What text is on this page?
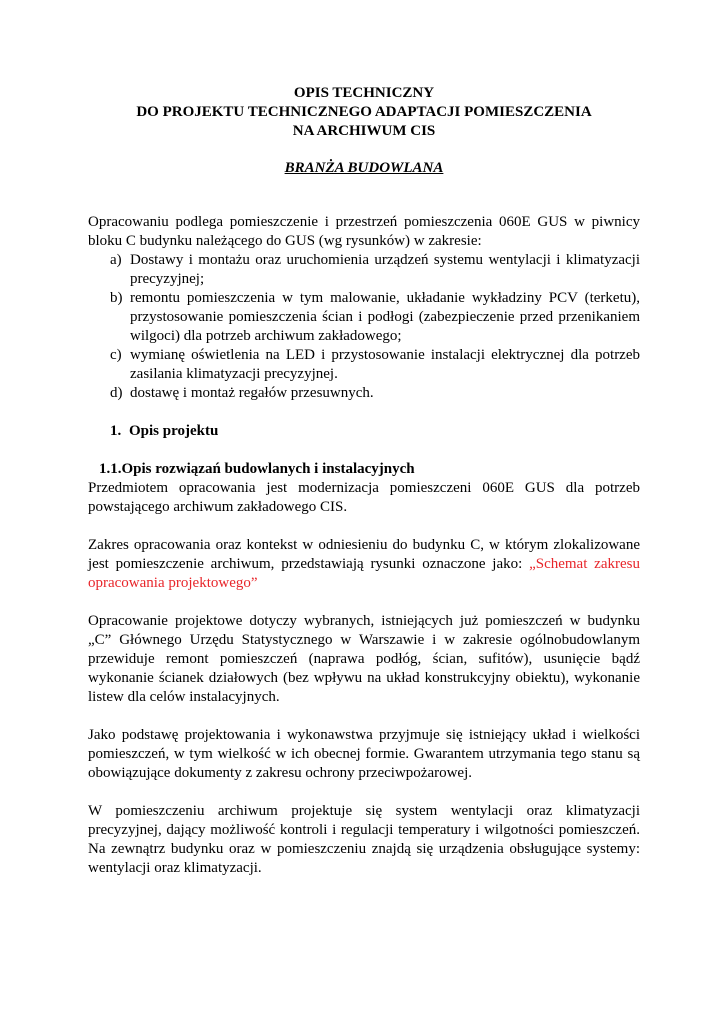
OPIS TECHNICZNY

DO PROJEKTU TECHNICZNEGO ADAPTACJI POMIESZCZENIA

NA ARCHIWUM CIS

BRANŻA BUDOWLANA

Opracowaniu podlega pomieszczenie i przestrzeń pomieszczenia 060E GUS w piwnicy bloku C budynku należącego do GUS (wg rysunków) w zakresie:

a) Dostawy i montażu oraz uruchomienia urządzeń systemu wentylacji i klimatyzacji precyzyjnej;
b) remontu pomieszczenia w tym malowanie, układanie wykładziny PCV (terketu), przystosowanie pomieszczenia ścian i podłogi (zabezpieczenie przed przenikaniem wilgoci) dla potrzeb archiwum zakładowego;
c) wymianę oświetlenia na LED i przystosowanie instalacji elektrycznej dla potrzeb zasilania klimatyzacji precyzyjnej.
d) dostawę i montaż regałów przesuwnych.

1. Opis projektu

1.1.Opis rozwiązań budowlanych i instalacyjnych

Przedmiotem opracowania jest modernizacja pomieszczeni 060E GUS dla potrzeb powstającego archiwum zakładowego CIS.

Zakres opracowania oraz kontekst w odniesieniu do budynku C, w którym zlokalizowane jest pomieszczenie archiwum, przedstawiają rysunki oznaczone jako: „Schemat zakresu opracowania projektowego”

Opracowanie projektowe dotyczy wybranych, istniejących już pomieszczeń w budynku „C” Głównego Urzędu Statystycznego w Warszawie i w zakresie ogólnobudowlanym przewiduje remont pomieszczeń (naprawa podłóg, ścian, sufitów), usunięcie bądź wykonanie ścianek działowych (bez wpływu na układ konstrukcyjny obiektu), wykonanie listew dla celów instalacyjnych.

Jako podstawę projektowania i wykonawstwa przyjmuje się istniejący układ i wielkości pomieszczeń, w tym wielkość w ich obecnej formie. Gwarantem utrzymania tego stanu są obowiązujące dokumenty z zakresu ochrony przeciwpożarowej.

W pomieszczeniu archiwum projektuje się system wentylacji oraz klimatyzacji precyzyjnej, dający możliwość kontroli i regulacji temperatury i wilgotności pomieszczeń. Na zewnątrz budynku oraz w pomieszczeniu znajdą się urządzenia obsługujące systemy: wentylacji oraz klimatyzacji.
